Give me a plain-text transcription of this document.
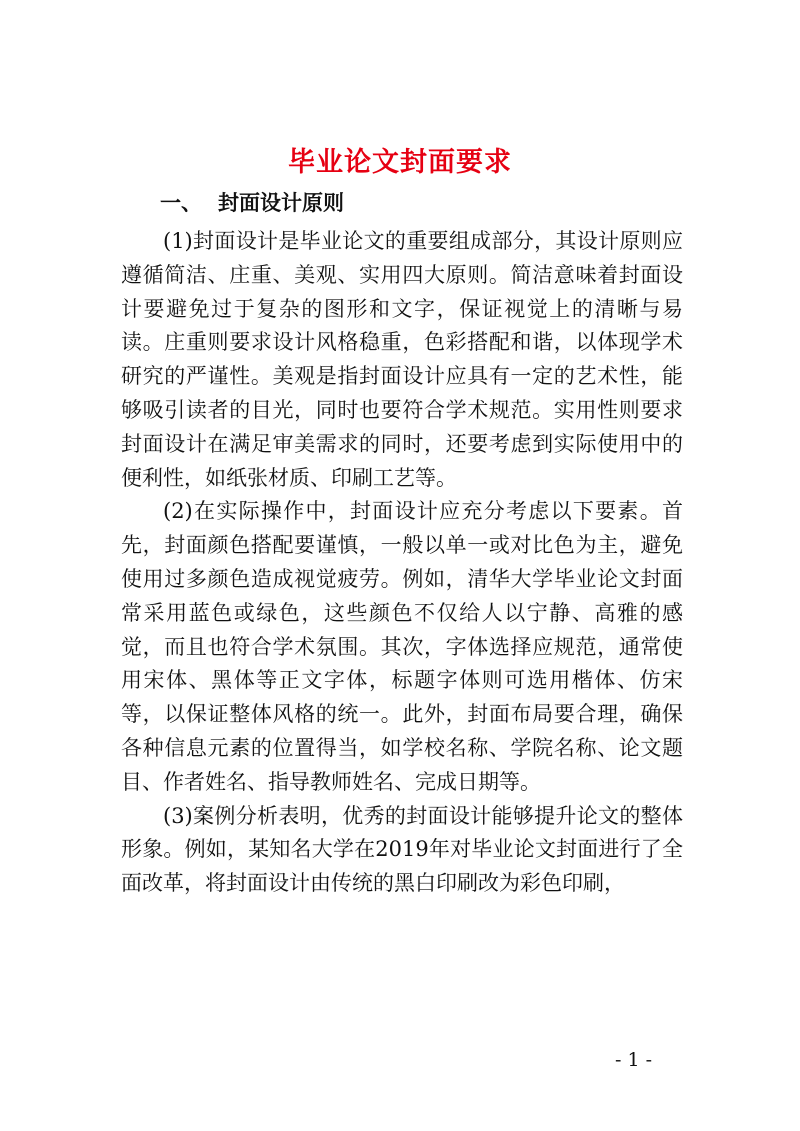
毕业论文封面要求
一、 封面设计原则

(1)封面设计是毕业论文的重要组成部分，其设计原则应遵循简洁、庄重、美观、实用四大原则。简洁意味着封面设计要避免过于复杂的图形和文字，保证视觉上的清晰与易读。庄重则要求设计风格稳重，色彩搭配和谐，以体现学术研究的严谨性。美观是指封面设计应具有一定的艺术性，能够吸引读者的目光，同时也要符合学术规范。实用性则要求封面设计在满足审美需求的同时，还要考虑到实际使用中的便利性，如纸张材质、印刷工艺等。

(2)在实际操作中，封面设计应充分考虑以下要素。首先，封面颜色搭配要谨慎，一般以单一或对比色为主，避免使用过多颜色造成视觉疲劳。例如，清华大学毕业论文封面常采用蓝色或绿色，这些颜色不仅给人以宁静、高雅的感觉，而且也符合学术氛围。其次，字体选择应规范，通常使用宋体、黑体等正文字体，标题字体则可选用楷体、仿宋等，以保证整体风格的统一。此外，封面布局要合理，确保各种信息元素的位置得当，如学校名称、学院名称、论文题目、作者姓名、指导教师姓名、完成日期等。

(3)案例分析表明，优秀的封面设计能够提升论文的整体形象。例如，某知名大学在2019年对毕业论文封面进行了全面改革，将封面设计由传统的黑白印刷改为彩色印刷，

- 1 -
